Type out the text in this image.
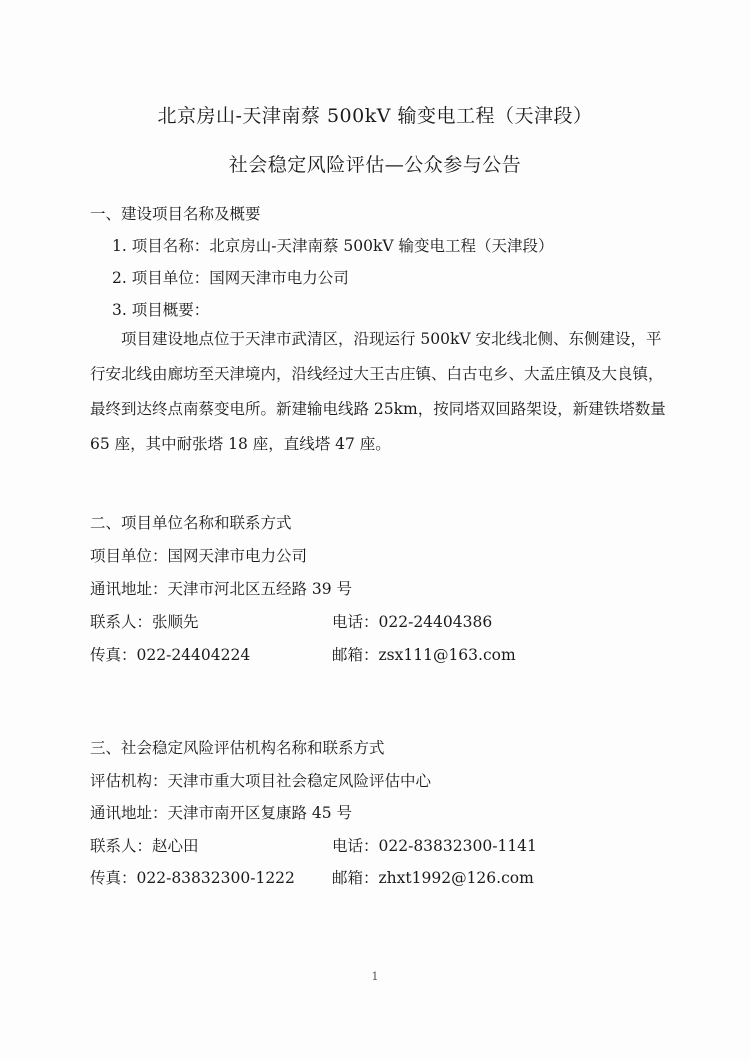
北京房山-天津南蔡 500kV 输变电工程（天津段）
社会稳定风险评估—公众参与公告
一、建设项目名称及概要
1. 项目名称：北京房山-天津南蔡 500kV 输变电工程（天津段）
2. 项目单位：国网天津市电力公司
3. 项目概要：

项目建设地点位于天津市武清区，沿现运行 500kV 安北线北侧、东侧建设，平行安北线由廊坊至天津境内，沿线经过大王古庄镇、白古屯乡、大孟庄镇及大良镇，最终到达终点南蔡变电所。新建输电线路 25km，按同塔双回路架设，新建铁塔数量 65 座，其中耐张塔 18 座，直线塔 47 座。

二、项目单位名称和联系方式
项目单位：国网天津市电力公司
通讯地址：天津市河北区五经路 39 号
联系人：张顺先	电话：022-24404386
传真：022-24404224	邮箱：zsx111@163.com
三、社会稳定风险评估机构名称和联系方式
评估机构：天津市重大项目社会稳定风险评估中心
通讯地址：天津市南开区复康路 45 号
联系人：赵心田	电话：022-83832300-1141
传真：022-83832300-1222 邮箱：zhxt1992@126.com
1
